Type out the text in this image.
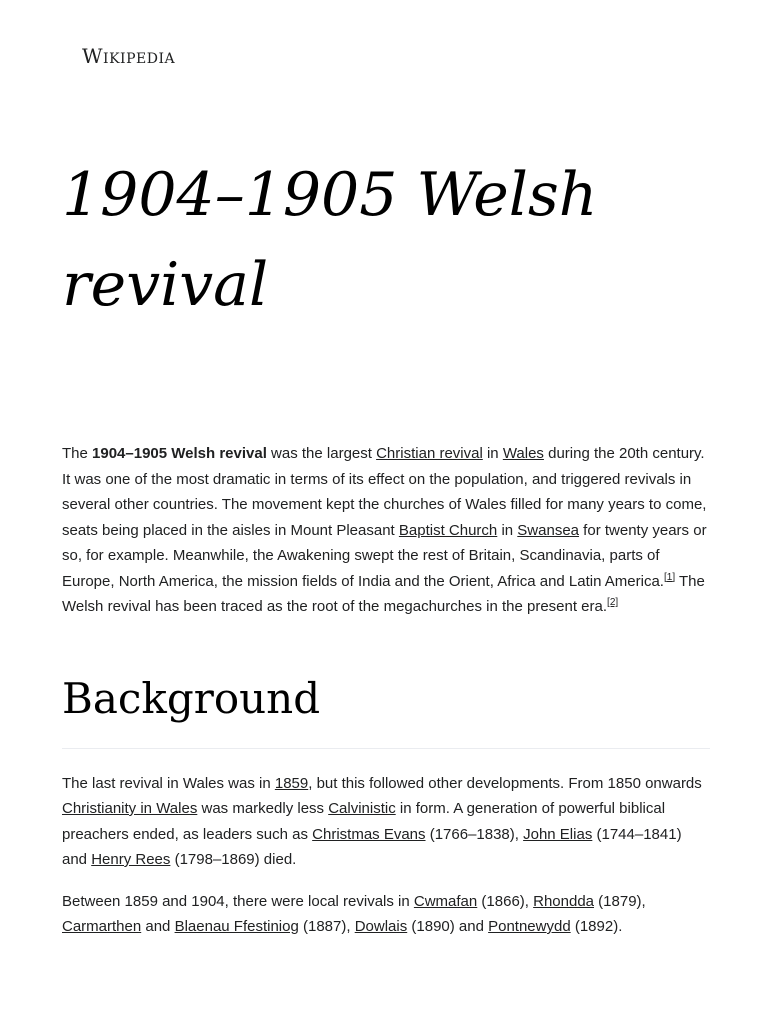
Wikipedia
1904–1905 Welsh revival

The 1904–1905 Welsh revival was the largest Christian revival in Wales during the 20th century. It was one of the most dramatic in terms of its effect on the population, and triggered revivals in several other countries. The movement kept the churches of Wales filled for many years to come, seats being placed in the aisles in Mount Pleasant Baptist Church in Swansea for twenty years or so, for example. Meanwhile, the Awakening swept the rest of Britain, Scandinavia, parts of Europe, North America, the mission fields of India and the Orient, Africa and Latin America.[1] The Welsh revival has been traced as the root of the megachurches in the present era.[2]

Background

The last revival in Wales was in 1859, but this followed other developments. From 1850 onwards Christianity in Wales was markedly less Calvinistic in form. A generation of powerful biblical preachers ended, as leaders such as Christmas Evans (1766–1838), John Elias (1744–1841) and Henry Rees (1798–1869) died.

Between 1859 and 1904, there were local revivals in Cwmafan (1866), Rhondda (1879), Carmarthen and Blaenau Ffestiniog (1887), Dowlais (1890) and Pontnewydd (1892).
